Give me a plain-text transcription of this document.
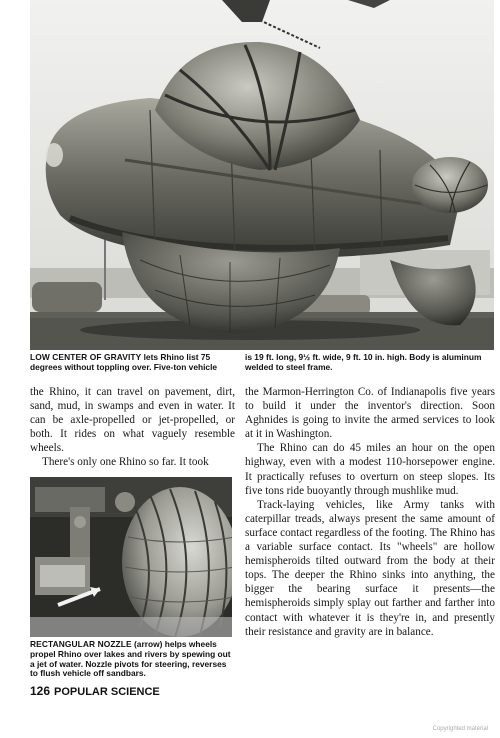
LOW CENTER OF GRAVITY lets Rhino list 75 degrees without toppling over. Five-ton vehicle

is 19 ft. long, 9½ ft. wide, 9 ft. 10 in. high. Body is aluminum welded to steel frame.

the Rhino, it can travel on pavement, dirt, sand, mud, in swamps and even in water. It can be axle-propelled or jet-propelled, or both. It rides on what vaguely resemble wheels.

There's only one Rhino so far. It took

the Marmon-Herrington Co. of Indianapolis five years to build it under the inventor's direction. Soon Aghnides is going to invite the armed services to look at it in Washington.

The Rhino can do 45 miles an hour on the open highway, even with a modest 110-horsepower engine. It practically refuses to overturn on steep slopes. Its five tons ride buoyantly through mushlike mud.

Track-laying vehicles, like Army tanks with caterpillar treads, always present the same amount of surface contact regardless of the footing. The Rhino has a variable surface contact. Its "wheels" are hollow hemispheroids tilted outward from the body at their tops. The deeper the Rhino sinks into anything, the bigger the bearing surface it presents—the hemispheroids simply splay out farther and farther into contact with whatever it is they're in, and presently their resistance and gravity are in balance.

RECTANGULAR NOZZLE (arrow) helps wheels propel Rhino over lakes and rivers by spewing out a jet of water. Nozzle pivots for steering, reverses to flush vehicle off sandbars.

126 POPULAR SCIENCE
Copyrighted material
